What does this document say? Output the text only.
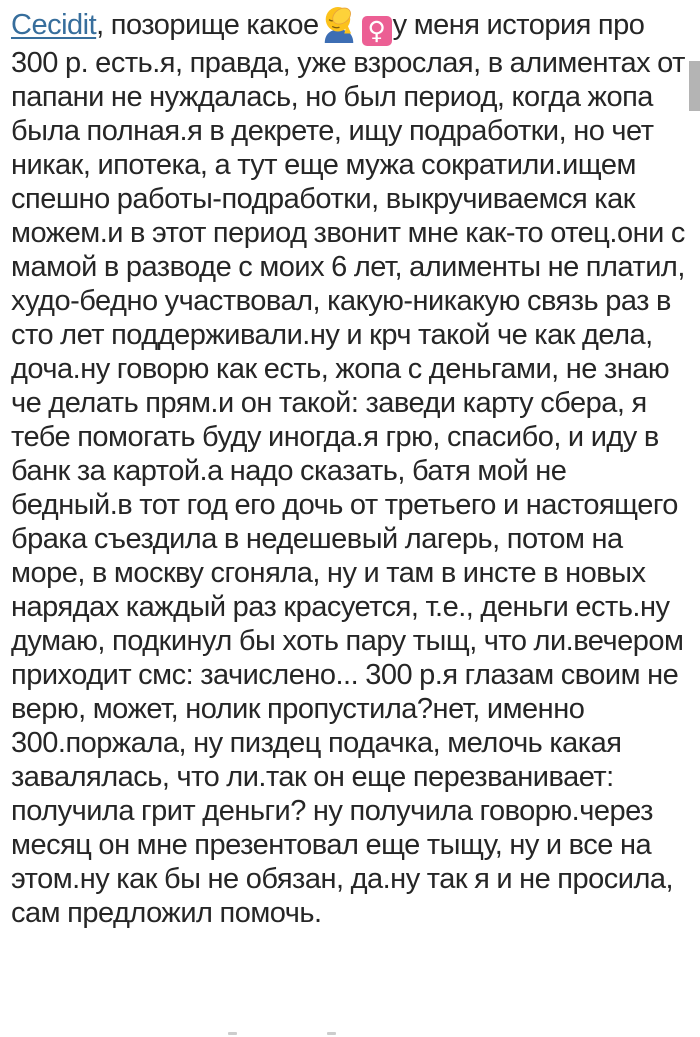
Cecidit, позорище какое ♀ у меня история про 300 р. есть.я, правда, уже взрослая, в алиментах от папани не нуждалась, но был период, когда жопа была полная.я в декрете, ищу подработки, но чет никак, ипотека, а тут еще мужа сократили.ищем спешно работы-подработки, выкручиваемся как можем.и в этот период звонит мне как-то отец.они с мамой в разводе с моих 6 лет, алименты не платил, худо-бедно участвовал, какую-никакую связь раз в сто лет поддерживали.ну и крч такой че как дела, доча.ну говорю как есть, жопа с деньгами, не знаю че делать прям.и он такой: заведи карту сбера, я тебе помогать буду иногда.я грю, спасибо, и иду в банк за картой.а надо сказать, батя мой не бедный.в тот год его дочь от третьего и настоящего брака съездила в недешевый лагерь, потом на море, в москву сгоняла, ну и там в инсте в новых нарядах каждый раз красуется, т.е., деньги есть.ну думаю, подкинул бы хоть пару тыщ, что ли.вечером приходит смс: зачислено... 300 р.я глазам своим не верю, может, нолик пропустила?нет, именно 300.поржала, ну пиздец подачка, мелочь какая завалялась, что ли.так он еще перезванивает: получила грит деньги? ну получила говорю.через месяц он мне презентовал еще тыщу, ну и все на этом.ну как бы не обязан, да.ну так я и не просила, сам предложил помочь.
